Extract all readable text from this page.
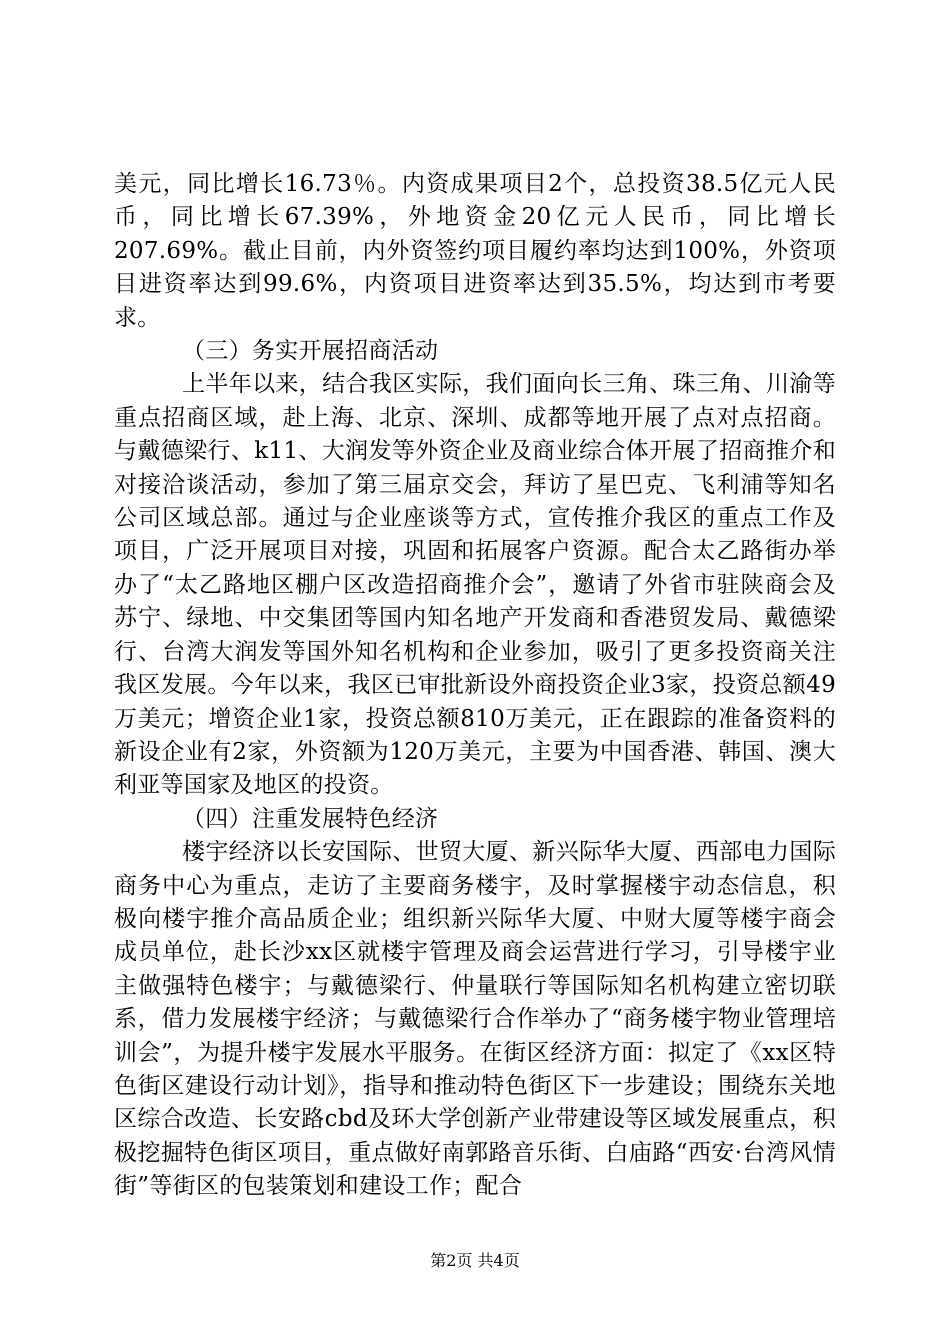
美元，同比增长16.73％。内资成果项目2个，总投资38.5亿元人民币，同比增长67.39%，外地资金20亿元人民币，同比增长207.69%。截止目前，内外资签约项目履约率均达到100%，外资项目进资率达到99.6%，内资项目进资率达到35.5%，均达到市考要求。

（三）务实开展招商活动

上半年以来，结合我区实际，我们面向长三角、珠三角、川渝等重点招商区域，赴上海、北京、深圳、成都等地开展了点对点招商。与戴德梁行、k11、大润发等外资企业及商业综合体开展了招商推介和对接洽谈活动，参加了第三届京交会，拜访了星巴克、飞利浦等知名公司区域总部。通过与企业座谈等方式，宣传推介我区的重点工作及项目，广泛开展项目对接，巩固和拓展客户资源。配合太乙路街办举办了“太乙路地区棚户区改造招商推介会”，邀请了外省市驻陕商会及苏宁、绿地、中交集团等国内知名地产开发商和香港贸发局、戴德梁行、台湾大润发等国外知名机构和企业参加，吸引了更多投资商关注我区发展。今年以来，我区已审批新设外商投资企业3家，投资总额49万美元；增资企业1家，投资总额810万美元，正在跟踪的准备资料的新设企业有2家，外资额为120万美元，主要为中国香港、韩国、澳大利亚等国家及地区的投资。

（四）注重发展特色经济

楼宇经济以长安国际、世贸大厦、新兴际华大厦、西部电力国际商务中心为重点，走访了主要商务楼宇，及时掌握楼宇动态信息，积极向楼宇推介高品质企业；组织新兴际华大厦、中财大厦等楼宇商会成员单位，赴长沙xx区就楼宇管理及商会运营进行学习，引导楼宇业主做强特色楼宇；与戴德梁行、仲量联行等国际知名机构建立密切联系，借力发展楼宇经济；与戴德梁行合作举办了“商务楼宇物业管理培训会”，为提升楼宇发展水平服务。在街区经济方面：拟定了《xx区特色街区建设行动计划》，指导和推动特色街区下一步建设；围绕东关地区综合改造、长安路cbd及环大学创新产业带建设等区域发展重点，积极挖掘特色街区项目，重点做好南郭路音乐街、白庙路“西安·台湾风情街”等街区的包装策划和建设工作；配合

第2页 共4页
